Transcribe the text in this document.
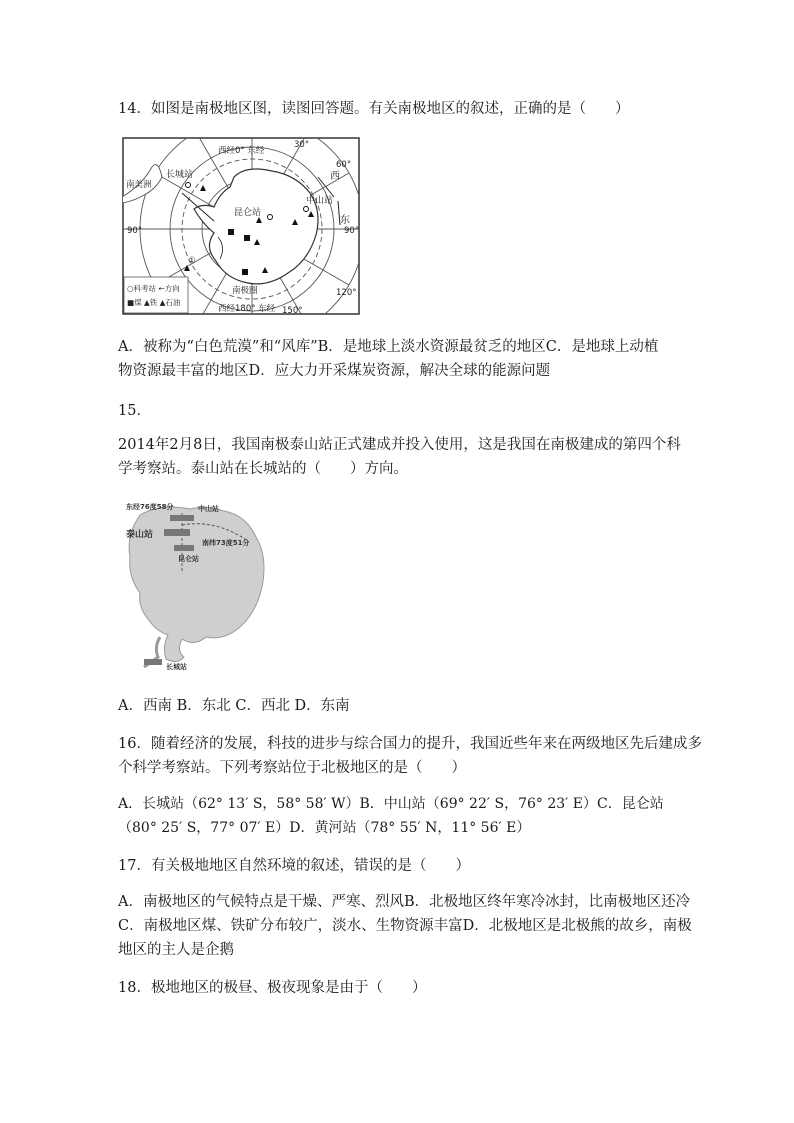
14．如图是南极地区图，读图回答题。有关南极地区的叙述，正确的是（　　）
西经0° 东经
30°
60°
90°	90°
120°
150°
西经180° 东经
西
东
南美洲
长城站
昆仑站
中山站
南极圈
①
○科考站 ←方向
■煤 ▲铁 ▲石油
A．被称为“白色荒漠”和“风库”B．是地球上淡水资源最贫乏的地区C．是地球上动植
物资源最丰富的地区D．应大力开采煤炭资源，解决全球的能源问题
15．
2014年2月8日，我国南极泰山站正式建成并投入使用，这是我国在南极建成的第四个科
学考察站。泰山站在长城站的（　　）方向。
东经76度58分	中山站
泰山站
南纬73度51分
昆仑站
长城站
A．西南 B．东北 C．西北 D．东南
16．随着经济的发展，科技的进步与综合国力的提升，我国近些年来在两级地区先后建成多
个科学考察站。下列考察站位于北极地区的是（　　）
A．长城站（62° 13′ S，58° 58′ W）B．中山站（69° 22′ S，76° 23′ E）C．昆仑站
（80° 25′ S，77° 07′ E）D．黄河站（78° 55′ N，11° 56′ E）
17．有关极地地区自然环境的叙述，错误的是（　　）
A．南极地区的气候特点是干燥、严寒、烈风B．北极地区终年寒冷冰封，比南极地区还冷
C．南极地区煤、铁矿分布较广，淡水、生物资源丰富D．北极地区是北极熊的故乡，南极
地区的主人是企鹅
18．极地地区的极昼、极夜现象是由于（　　）
